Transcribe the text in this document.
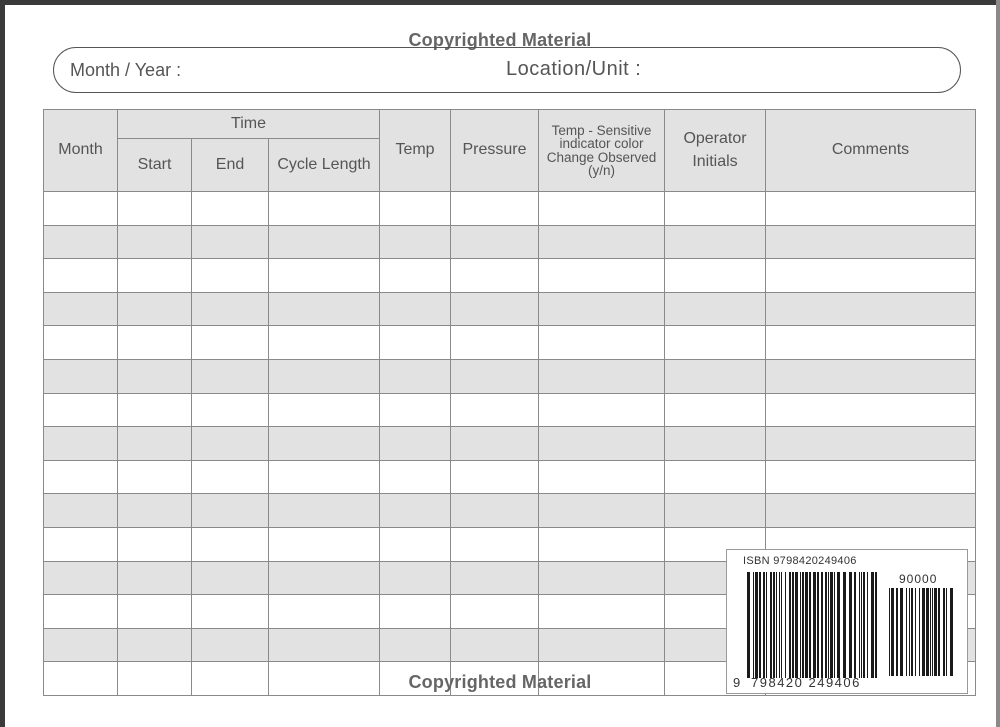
Copyrighted Material
Month / Year :	Location/Unit :
Month	Time			Temp	Pressure	Temp - Sensitive indicator color Change Observed (y/n)	Operator Initials	Comments
	Start	End	Cycle Length					

Copyrighted Material
ISBN 9798420249406
90000
9 798420 249406
